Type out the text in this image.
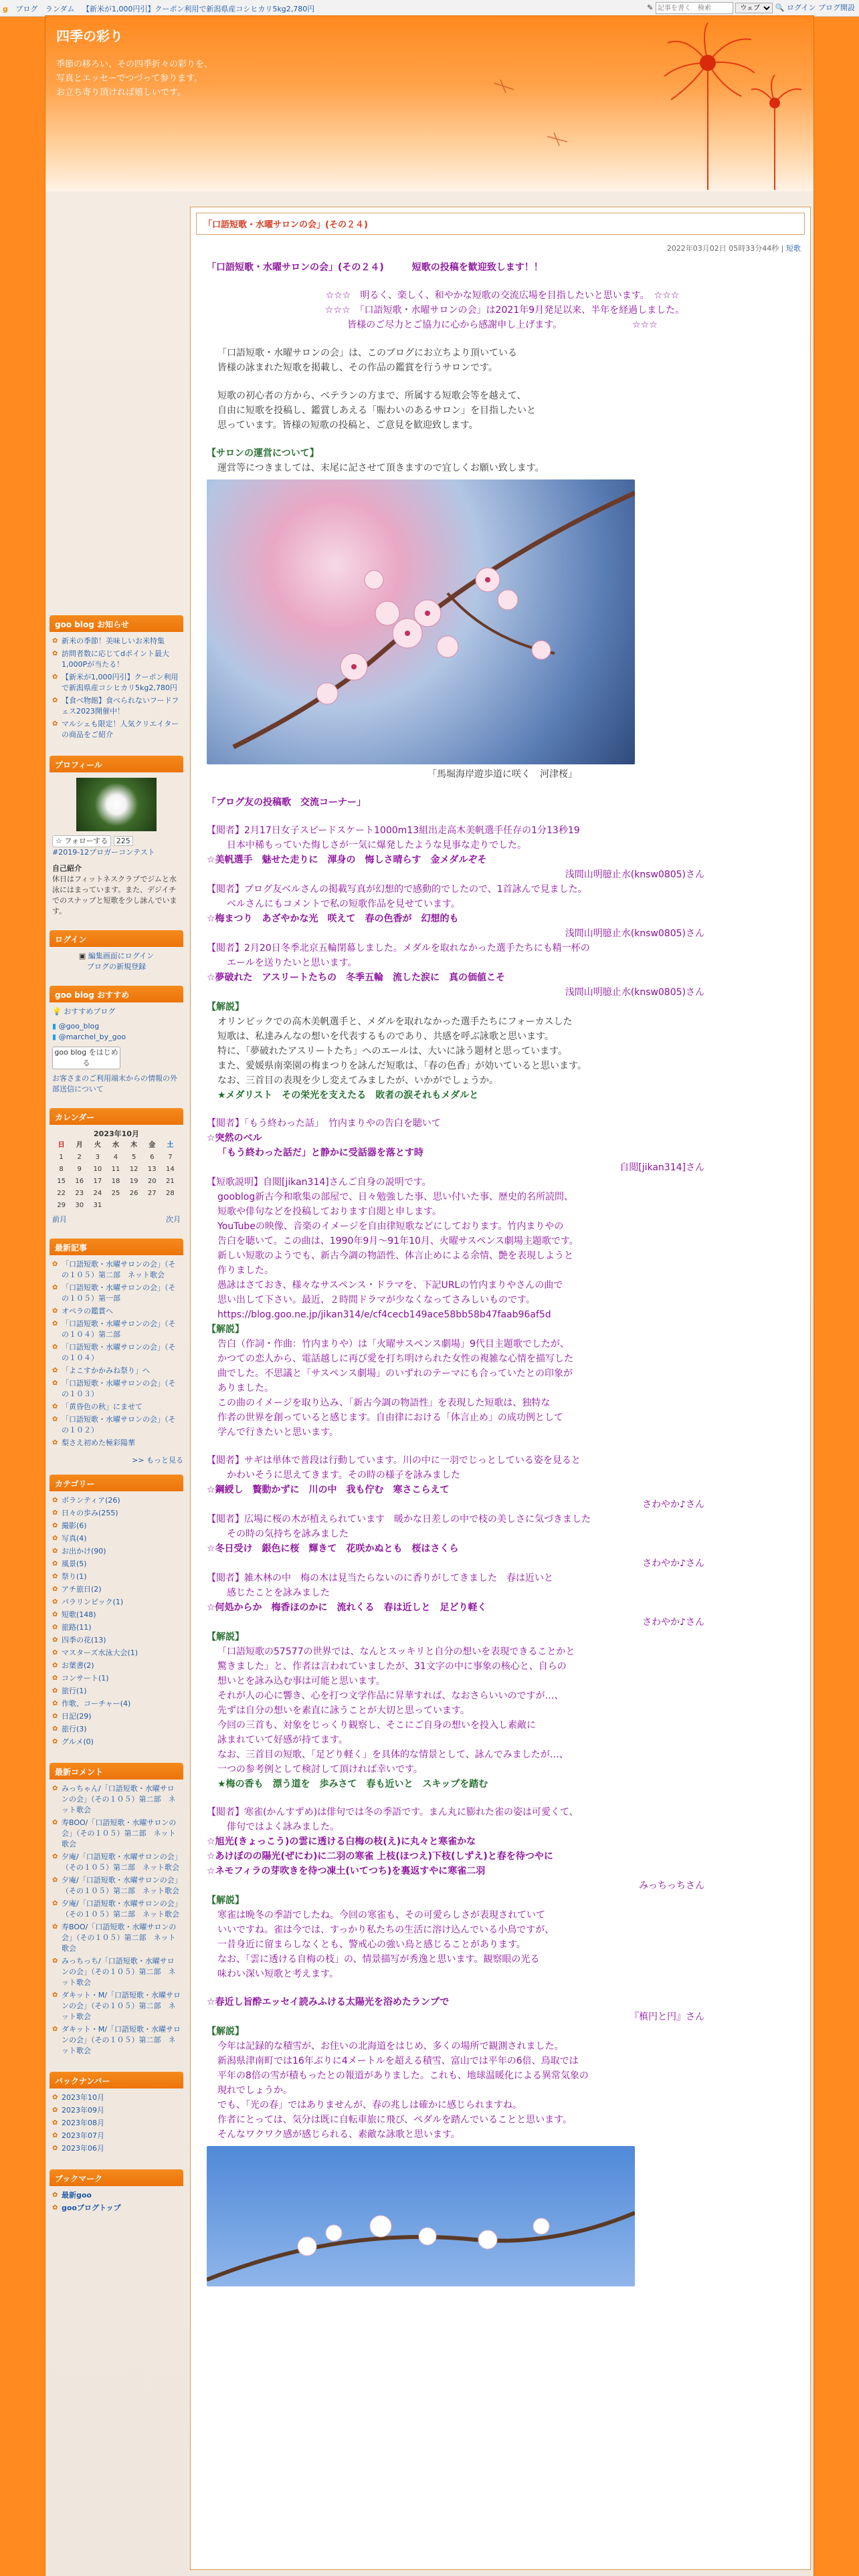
g ブログ ランダム 【新米が1,000円引】クーポン利用で新潟県産コシヒカリ5kg2,780円	✎ 記事を書く　検索
ウェブ	🔍 ログイン ブログ開設
四季の彩り
季節の移ろい、その四季折々の彩りを、
写真とエッセーでつづって参ります。
お立ち寄り頂ければ嬉しいです。
goo blog お知らせ
✿ 新米の季節！美味しいお米特集
✿ 訪問者数に応じてdポイント最大1,000Pが当たる！
✿ 【新米が1,000円引】クーポン利用で新潟県産コシヒカリ5kg2,780円
✿ 【食べ物館】食べられないフードフェス2023開催中！
✿ マルシェも限定！人気クリエイターの商品をご紹介
プロフィール
☆ フォローする 225
#2019-12プロガーコンテスト
自己紹介
休日はフィットネスクラブでジムと水泳にはまっています。また、デジイチでのスナップと短歌を少し詠んでいます。
ログイン
▣ 編集画面にログイン
ブログの新規登録
goo blog おすすめ
💡 おすすめブログ
▮ @goo_blog
▮ @marchel_by_goo
goo blog をはじめる
お客さまのご利用端末からの情報の外部送信について
カレンダー
2023年10月
日	月	火	水	木	金	土
1	2	3	4	5	6	7
8	9	10	11	12	13	14
15	16	17	18	19	20	21
22	23	24	25	26	27	28
29	30	31				
前月	次月
最新記事
✿ 「口語短歌・水曜サロンの会」（その１０５）第二部　ネット歌会
✿ 「口語短歌・水曜サロンの会」（その１０５）第一部
✿ オペラの鑑賞へ
✿ 「口語短歌・水曜サロンの会」（その１０４）第二部
✿ 「口語短歌・水曜サロンの会」（その１０４）
✿ 「よこすかかみね祭り」へ
✿ 「口語短歌・水曜サロンの会」（その１０３）
✿ 「黄昏色の秋」にませて
✿ 「口語短歌・水曜サロンの会」（その１０２）
✿ 梨さえ初めた極彩陽華
>> もっと見る
カテゴリー
✿ ボランティア(26)
✿ 日々の歩み(255)
✿ 撮影(6)
✿ 写真(4)
✿ お出かけ(90)
✿ 風景(5)
✿ 祭り(1)
✿ アチ旅日(2)
✿ パラリンピック(1)
✿ 短歌(148)
✿ 旅路(11)
✿ 四季の花(13)
✿ マスターズ水泳大会(1)
✿ お葉書(2)
✿ コンサート(1)
✿ 旅行(1)
✿ 作歌、コーチャー(4)
✿ 日記(29)
✿ 旅行(3)
✿ グルメ(0)
最新コメント
✿ みっちゃん/「口語短歌・水曜サロンの会」（その１０５）第二部　ネット歌会
✿ 寿BOO/「口語短歌・水曜サロンの会」（その１０５）第二部　ネット歌会
✿ 夕庵/「口語短歌・水曜サロンの会」（その１０５）第二部　ネット歌会
✿ 夕庵/「口語短歌・水曜サロンの会」（その１０５）第二部　ネット歌会
✿ 夕庵/「口語短歌・水曜サロンの会」（その１０５）第二部　ネット歌会
✿ 寿BOO/「口語短歌・水曜サロンの会」（その１０５）第二部　ネット歌会
✿ みっちっち/「口語短歌・水曜サロンの会」（その１０５）第二部　ネット歌会
✿ ダキット・M/「口語短歌・水曜サロンの会」（その１０５）第二部　ネット歌会
✿ ダキット・M/「口語短歌・水曜サロンの会」（その１０５）第二部　ネット歌会
バックナンバー
✿ 2023年10月
✿ 2023年09月
✿ 2023年08月
✿ 2023年07月
✿ 2023年06月
ブックマーク
✿ 最新goo
✿ gooブログトップ
「口語短歌・水曜サロンの会」(その２４)
2022年03月02日 05時33分44秒 | 短歌

「口語短歌・水曜サロンの会」(その２４)　　　短歌の投稿を歓迎致します！！

☆☆☆　明るく、楽しく、和やかな短歌の交流広場を目指したいと思います。　☆☆☆

☆☆☆　「口語短歌・水曜サロンの会」は2021年9月発足以来、半年を経過しました。　

皆様のご尽力とご協力に心から感謝申し上げます。　　　　　　　　☆☆☆

「口語短歌・水曜サロンの会」は、このブログにお立ちより頂いている

皆様の詠まれた短歌を掲載し、その作品の鑑賞を行うサロンです。

短歌の初心者の方から、ベテランの方まで、所属する短歌会等を越えて、

自由に短歌を投稿し、鑑賞しあえる「賑わいのあるサロン」を目指したいと

思っています。皆様の短歌の投稿と、ご意見を歓迎致します。

【サロンの運営について】

運営等につきましては、末尾に記させて頂きますので宜しくお願い致します。

「馬堀海岸遊歩道に咲く　河津桜」

「ブログ友の投稿歌　交流コーナー」

【閲者】2月17日女子スピードスケート1000m13組出走高木美帆選手任存の1分13秒19

日本中稀もっていた悔しさが一気に爆発したような見事な走りでした。

☆美帆選手　魅せた走りに　渾身の　悔しさ晴らす　金メダルぞそ

浅間山明臆止水(knsw0805)さん

【閲者】ブログ友ベルさんの掲載写真が幻想的で感動的でしたので、1首詠んで見ました。

ベルさんにもコメントで私の短歌作品を見せています。

☆梅まつり　あざやかな光　咲えて　春の色香が　幻想的も

浅間山明臆止水(knsw0805)さん

【閲者】2月20日冬季北京五輪閉幕しました。メダルを取れなかった選手たちにも精一杯の

エールを送りたいと思います。

☆夢破れた　アスリートたちの　冬季五輪　流した涙に　真の価値こそ

浅間山明臆止水(knsw0805)さん

【解説】

オリンピックでの高木美帆選手と、メダルを取れなかった選手たちにフォーカスした

短歌は、私達みんなの想いを代表するものであり、共感を呼ぶ詠歌と思います。

特に、「夢破れたアスリートたち」へのエールは、大いに詠う題材と思っています。

また、愛媛県南楽園の梅まつりを詠んだ短歌は、「春の色香」が効いていると思います。

なお、三首目の表現を少し変えてみましたが、いかがでしょうか。

★メダリスト　その栄光を支えたる　敗者の涙それもメダルと

【閲者】「もう終わった話」　竹内まりやの告白を聴いて

☆突然のベル

「もう終わった話だ」と静かに受話器を落とす時

自閲[jikan314]さん

【短歌説明】自閲[jikan314]さんご自身の説明です。

gooblog新古今和歌集の部屋で、日々勉強した事、思い付いた事、歴史的名所読問、

短歌や俳句などを投稿しております自閲と申します。

YouTubeの映像、音楽のイメージを自由律短歌などにしております。竹内まりやの

告白を聴いて。この曲は、1990年9月〜91年10月、火曜サスペンス劇場主題歌です。

新しい短歌のようでも、新古今調の物語性、体言止めによる余情、艶を表現しようと

作りました。

愚詠はさておき、様々なサスペンス・ドラマを、下記URLの竹内まりやさんの曲で

思い出して下さい。最近、２時間ドラマが少なくなってさみしいものです。

https://blog.goo.ne.jp/jikan314/e/cf4cecb149ace58bb58b47faab96af5d

【解説】

告白（作詞・作曲：竹内まりや）は「火曜サスペンス劇場」9代目主題歌でしたが、

かつての恋人から、電話越しに再び愛を打ち明けられた女性の複雑な心情を描写した

曲でした。不思議と「サスペンス劇場」のいずれのテーマにも合っていたとの印象が

ありました。

この曲のイメージを取り込み、「新古今調の物語性」を表現した短歌は、独特な

作者の世界を創っていると感じます。自由律における「体言止め」の成功例として

学んで行きたいと思います。

【閲者】サギは単体で普段は行動しています。川の中に一羽でじっとしている姿を見ると

かわいそうに思えてきます。その時の様子を詠みました

☆鋼綬し　贅動かずに　川の中　我も佇む　寒さこらえて

さわやか♪さん

【閲者】広場に桜の木が植えられています　暖かな日差しの中で枝の美しさに気づきました

その時の気持ちを詠みました

☆冬日受け　銀色に桜　輝きて　花咲かぬとも　桜はさくら

さわやか♪さん

【閲者】雑木林の中　梅の木は見当たらないのに香りがしてきました　春は近いと

感じたことを詠みました

☆何処からか　梅香ほのかに　流れくる　春は近しと　足どり軽く

さわやか♪さん

【解説】

「口語短歌の57577の世界では、なんとスッキリと自分の想いを表現できることかと

驚きました」と、作者は言われていましたが、31文字の中に事象の核心と、自らの

想いとを詠み込む事は可能と思います。

それが人の心に響き、心を打つ文学作品に昇華すれば、なおさらいいのですが…、

先ずは自分の想いを素直に詠うことが大切と思っています。

今回の三首も、対象をじっくり観察し、そこにご自身の想いを投入し素敵に

詠まれていて好感が持てます。

なお、三首目の短歌、「足どり軽く」を具体的な情景として、詠んでみましたが…、

一つの参考例として検討して頂ければ幸いです。

★梅の香も　漂う道を　歩みさて　春も近いと　スキップを踏む

【閲者】寒雀(かんすずめ)は俳句では冬の季語です。まん丸に膨れた雀の姿は可愛くて、

俳句ではよく詠みました。

☆旭光(きょっこう)の雲に透ける白梅の枝(え)に丸々と寒雀かな

☆あけぼのの陽光(ぜにわ)に二羽の寒雀 上枝(ほつえ)下枝(しずえ)と春を待つやに

☆ネモフィラの芽吹きを待つ凍土(いてつち)を裏返すやに寒雀二羽

みっちっちさん

【解説】

寒雀は晩冬の季語でしたね。今回の寒雀も、その可愛らしさが表現されていて

いいですね。雀は今では、すっかり私たちの生活に溶け込んでいる小鳥ですが、

一昔身近に留まらしなくとも、警戒心の強い鳥と感じることがあります。

なお、「雲に透ける自梅の枝」の、情景描写が秀逸と思います。観察眼の光る

味わい深い短歌と考えます。

☆春近し旨酔エッセイ読みふける太陽光を浴めたランプで

『槙円と円』さん

【解説】

今年は記録的な積雪が、お住いの北海道をはじめ、多くの場所で観測されました。

新潟県津南町では16年ぶりに4メートルを超える積雪、富山では平年の6倍、鳥取では

平年の8倍の雪が積もったとの報道がありました。これも、地球温暖化による異常気象の

現れでしょうか。

でも、「光の春」ではありませんが、春の兆しは確かに感じられますね。

作者にとっては、気分は既に自転車旅に飛び、ペダルを踏んでいることと思います。

そんなワクワク感が感じられる、素敵な詠歌と思います。
